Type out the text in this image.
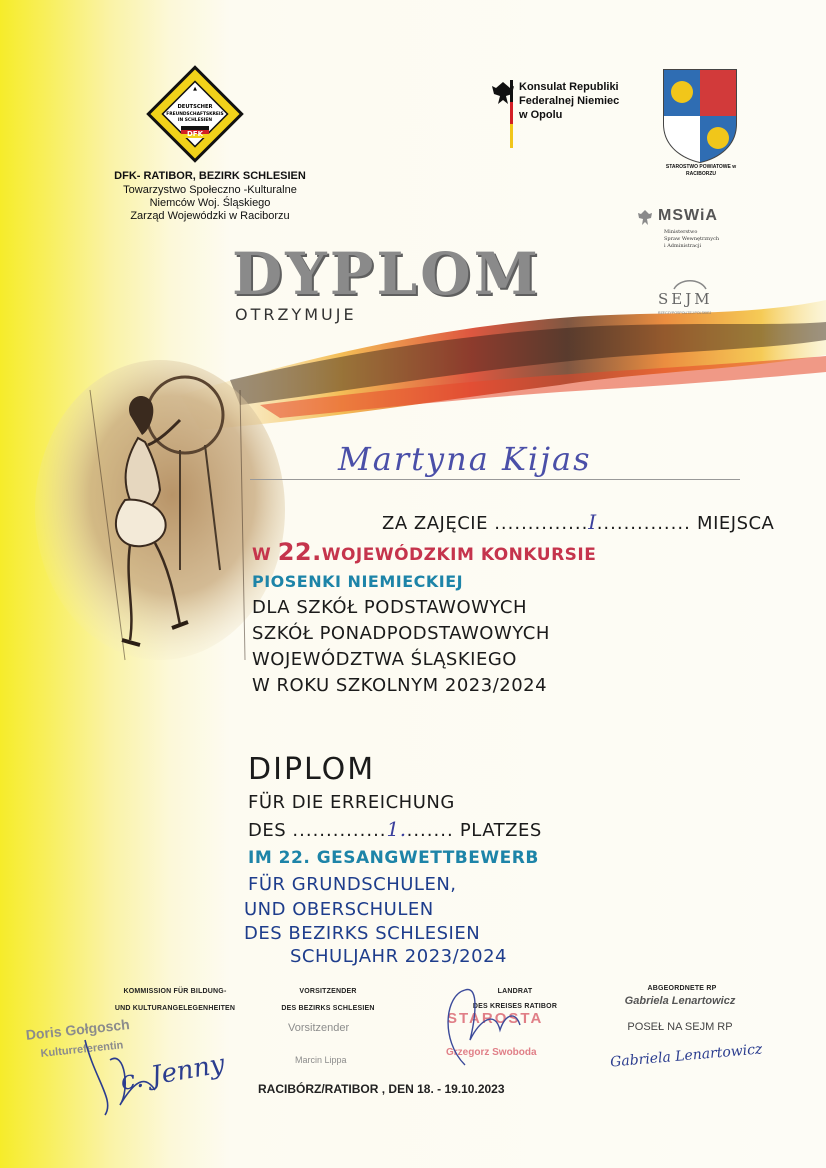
▲
DEUTSCHER
FREUNDSCHAFTSKREIS
IN SCHLESIEN
DFK
DFK- RATIBOR, BEZIRK SCHLESIEN
Towarzystwo Społeczno -Kulturalne
Niemców Woj. Śląskiego
Zarząd Wojewódzki w Raciborzu
Konsulat Republiki
Federalnej Niemiec
w Opolu
STAROSTWO POWIATOWE w RACIBORZU
MSWiA
Ministerstwo
Spraw Wewnętrznych
i Administracji
SEJM
RZECZYPOSPOLITEJ POLSKIEJ
DYPLOM
OTRZYMUJE
Martyna Kijas
ZA ZAJĘCIE ..............I.............. MIEJSCA
W 22.WOJEWÓDZKIM KONKURSIE
PIOSENKI NIEMIECKIEJ
DLA SZKÓŁ PODSTAWOWYCH
SZKÓŁ PONADPODSTAWOWYCH
WOJEWÓDZTWA ŚLĄSKIEGO
W ROKU SZKOLNYM 2023/2024
DIPLOM
FÜR DIE ERREICHUNG
DES ..............1........ PLATZES
IM 22. GESANGWETTBEWERB
FÜR GRUNDSCHULEN,
UND OBERSCHULEN
DES BEZIRKS SCHLESIEN
SCHULJAHR 2023/2024
KOMMISSION FÜR BILDUNG-
UND KULTURANGELEGENHEITEN
Doris Gołgosch
Kulturreferentin
c. Jenny
VORSITZENDER
DES BEZIRKS SCHLESIEN
Vorsitzender
Marcin Lippa
LANDRAT
DES KREISES RATIBOR
STAROSTA
Grzegorz Swoboda
ABGEORDNETE RP
Gabriela Lenartowicz
POSEŁ NA SEJM RP
Gabriela Lenartowicz
RACIBÓRZ/RATIBOR , DEN 18. - 19.10.2023
